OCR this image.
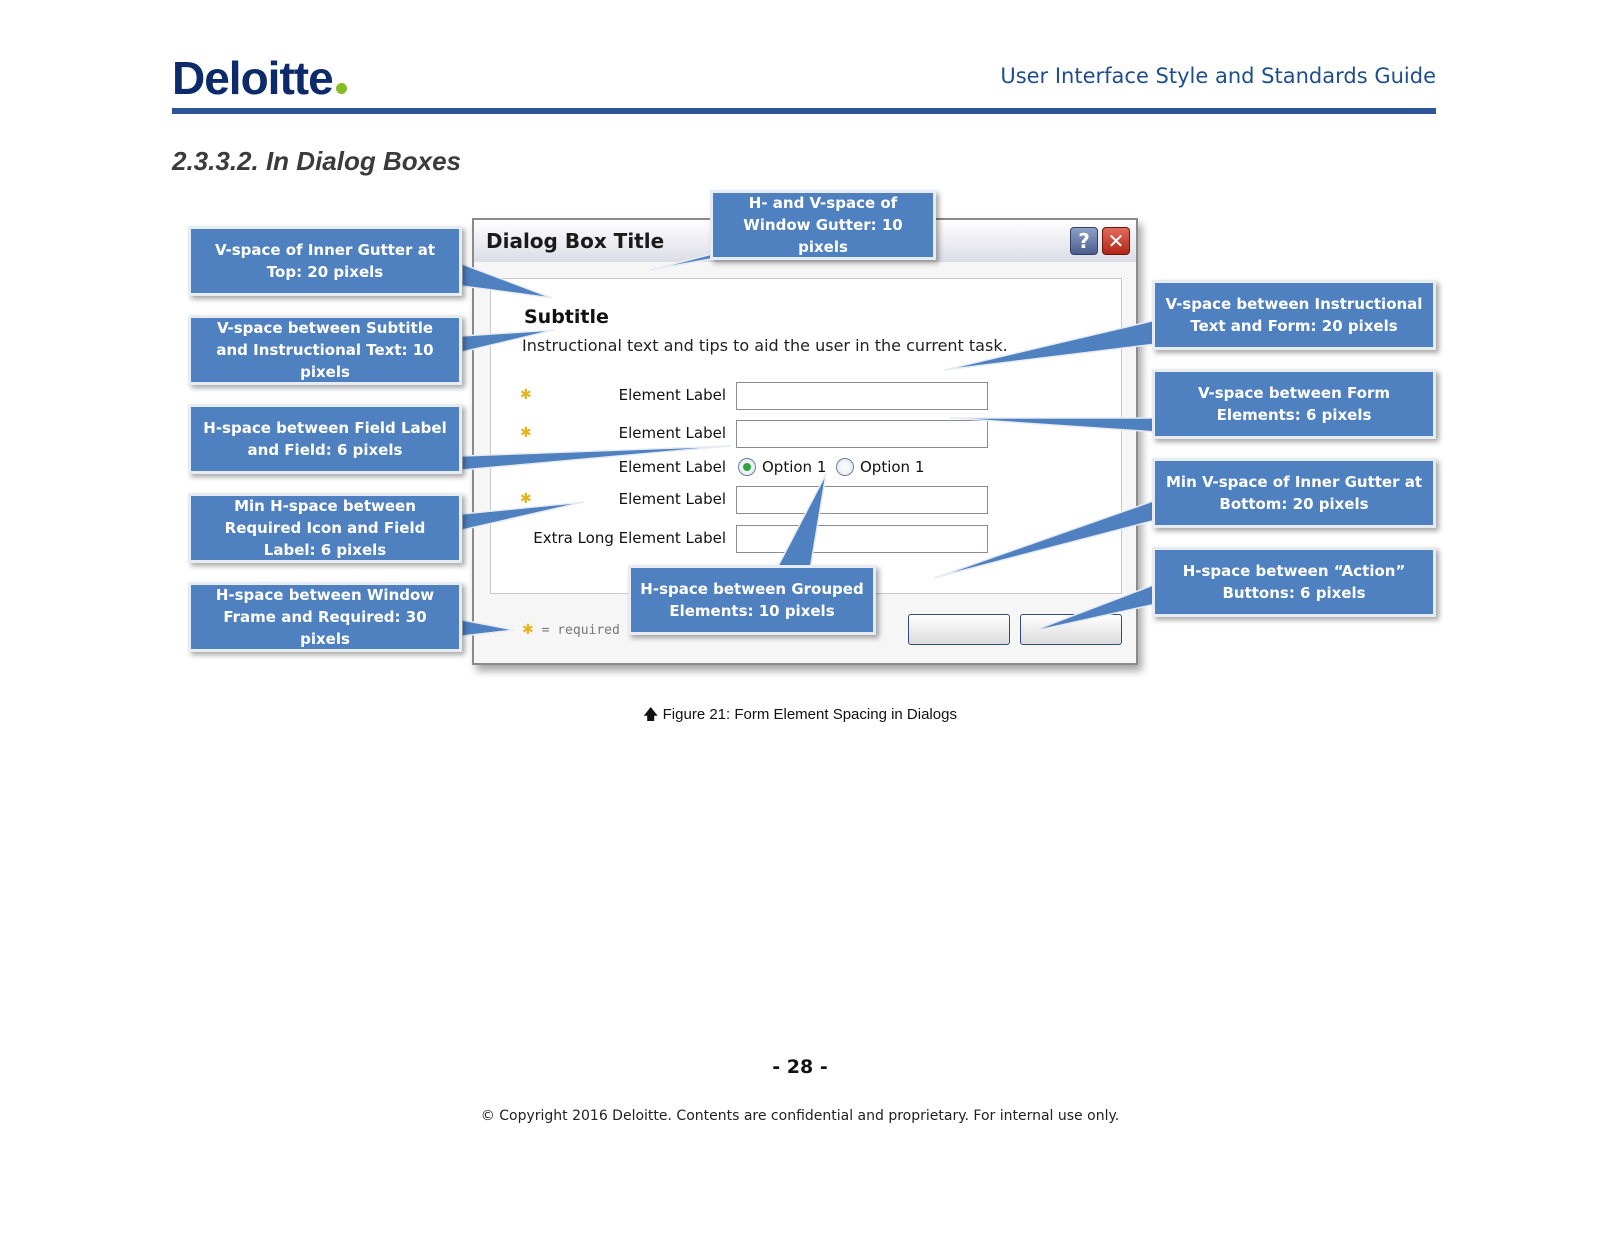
Deloitte	User Interface Style and Standards Guide
2.3.3.2. In Dialog Boxes
Dialog Box Title	? ✕
Subtitle
Instructional text and tips to aid the user in the current task.
✱	Element Label
✱	Element Label
Element Label Option 1 Option 1
✱	Element Label
Extra Long Element Label
✱ = required
H- and V-space of Window Gutter: 10 pixels
V-space of Inner Gutter at Top: 20 pixels
V-space between Subtitle and Instructional Text: 10 pixels
H-space between Field Label and Field: 6 pixels
Min H-space between Required Icon and Field Label: 6 pixels
H-space between Window Frame and Required: 30 pixels
H-space between Grouped Elements: 10 pixels
V-space between Instructional Text and Form: 20 pixels
V-space between Form Elements: 6 pixels
Min V-space of Inner Gutter at Bottom: 20 pixels
H-space between “Action” Buttons: 6 pixels
🡅 Figure 21: Form Element Spacing in Dialogs
- 28 -
© Copyright 2016 Deloitte. Contents are confidential and proprietary. For internal use only.
